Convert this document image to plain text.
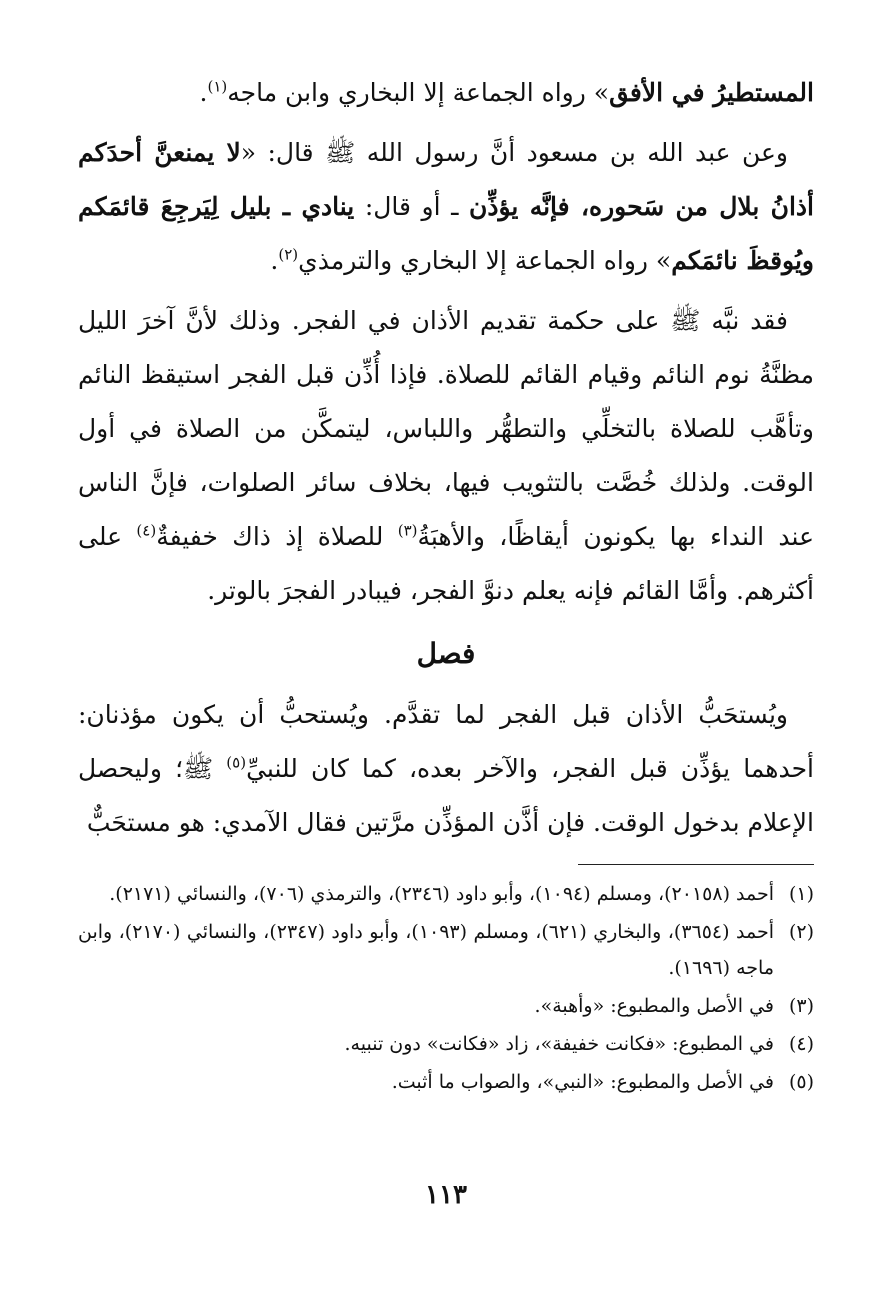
المستطيرُ في الأفق» رواه الجماعة إلا البخاري وابن ماجه$^{(١)}$.

وعن عبد الله بن مسعود أنَّ رسول الله ﷺ قال: «لا يمنعنَّ أحدَكم أذانُ بلال من سَحوره، فإنَّه يؤذِّن ـ أو قال: ينادي ـ بليل لِيَرجِعَ قائمَكم ويُوقظَ نائمَكم» رواه الجماعة إلا البخاري والترمذي$^{(٢)}$.

فقد نبَّه ﷺ على حكمة تقديم الأذان في الفجر. وذلك لأنَّ آخرَ الليل مظنَّةُ نوم النائم وقيام القائم للصلاة. فإذا أُذِّن قبل الفجر استيقظ النائم وتأهَّب للصلاة بالتخلِّي والتطهُّر واللباس، ليتمكَّن من الصلاة في أول الوقت. ولذلك خُصَّت بالتثويب فيها، بخلاف سائر الصلوات، فإنَّ الناس عند النداء بها يكونون أيقاظًا، والأهبَةُ$^{(٣)}$ للصلاة إذ ذاك خفيفةٌ$^{(٤)}$ على أكثرهم. وأمَّا القائم فإنه يعلم دنوَّ الفجر، فيبادر الفجرَ بالوتر.

فصل

ويُستحَبُّ الأذان قبل الفجر لما تقدَّم. ويُستحبُّ أن يكون مؤذنان: أحدهما يؤذِّن قبل الفجر، والآخر بعده، كما كان للنبيِّ$^{(٥)}$ ﷺ؛ وليحصل الإعلام بدخول الوقت. فإن أذَّن المؤذِّن مرَّتين فقال الآمدي: هو مستحَبٌّ

(١)
أحمد (٢٠١٥٨)، ومسلم (١٠٩٤)، وأبو داود (٢٣٤٦)، والترمذي (٧٠٦)، والنسائي (٢١٧١).
(٢)
أحمد (٣٦٥٤)، والبخاري (٦٢١)، ومسلم (١٠٩٣)، وأبو داود (٢٣٤٧)، والنسائي (٢١٧٠)، وابن ماجه (١٦٩٦).
(٣)
في الأصل والمطبوع: «وأهبة».
(٤)
في المطبوع: «فكانت خفيفة»، زاد «فكانت» دون تنبيه.
(٥)
في الأصل والمطبوع: «النبي»، والصواب ما أثبت.
١١٣
